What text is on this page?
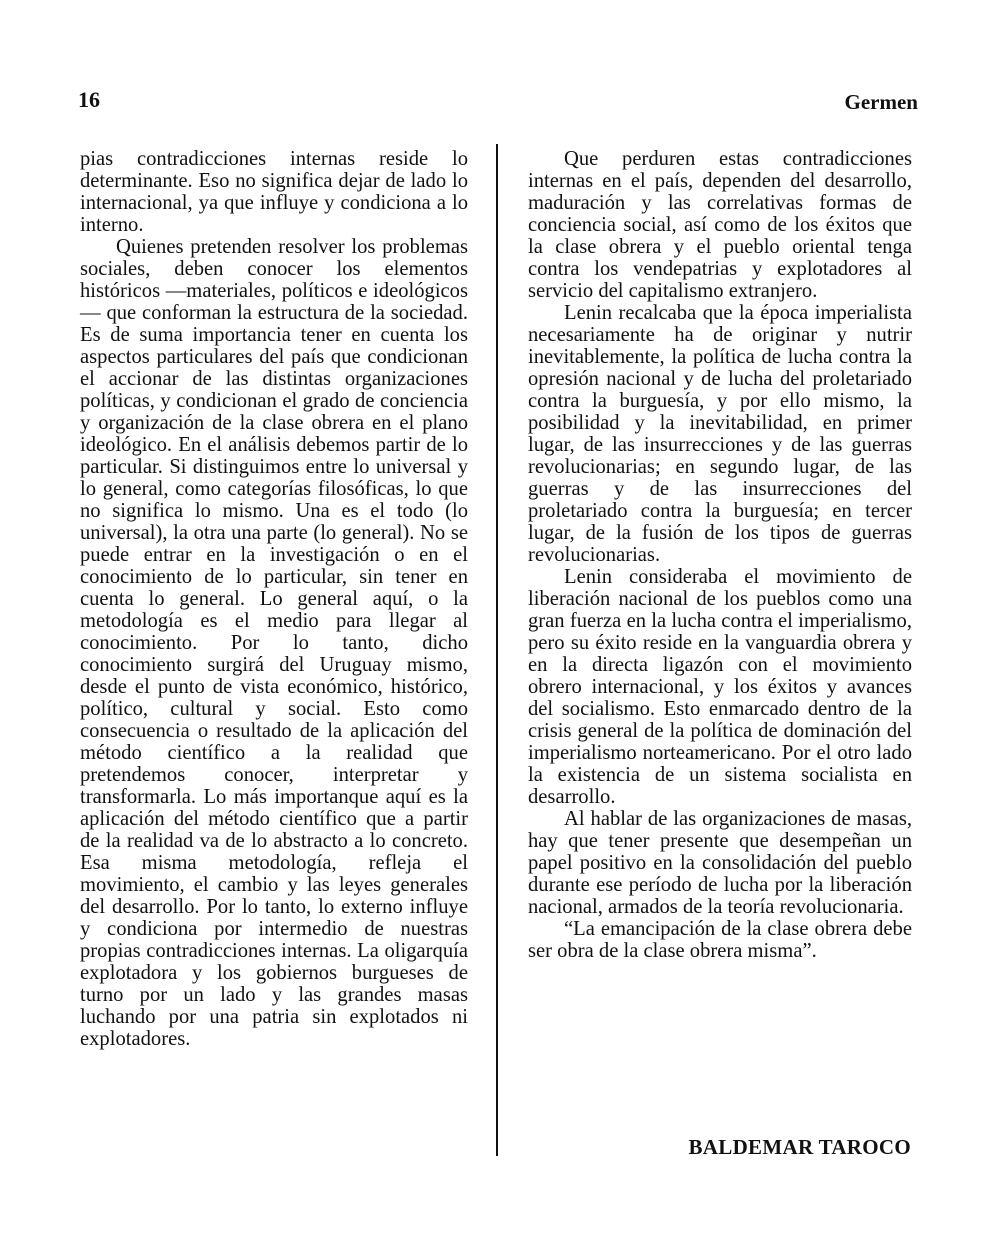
16	Germen

pias contradicciones internas reside lo determinante. Eso no significa dejar de lado lo internacional, ya que influye y condiciona a lo interno.

Quienes pretenden resolver los problemas sociales, deben conocer los elementos históricos —materiales, políticos e ideológicos— que conforman la estructura de la sociedad. Es de suma importancia tener en cuenta los aspectos particulares del país que condicionan el accionar de las distintas organizaciones políticas, y condicionan el grado de conciencia y organización de la clase obrera en el plano ideológico. En el análisis debemos partir de lo particular. Si distinguimos entre lo universal y lo general, como categorías filosóficas, lo que no significa lo mismo. Una es el todo (lo universal), la otra una parte (lo general). No se puede entrar en la investigación o en el conocimiento de lo particular, sin tener en cuenta lo general. Lo general aquí, o la metodología es el medio para llegar al conocimiento. Por lo tanto, dicho conocimiento surgirá del Uruguay mismo, desde el punto de vista económico, histórico, político, cultural y social. Esto como consecuencia o resultado de la aplicación del método científico a la realidad que pretendemos conocer, interpretar y transformarla. Lo más importanque aquí es la aplicación del método científico que a partir de la realidad va de lo abstracto a lo concreto. Esa misma metodología, refleja el movimiento, el cambio y las leyes generales del desarrollo. Por lo tanto, lo externo influye y condiciona por intermedio de nuestras propias contradicciones internas. La oligarquía explotadora y los gobiernos burgueses de turno por un lado y las grandes masas luchando por una patria sin explotados ni explotadores.

Que perduren estas contradicciones internas en el país, dependen del desarrollo, maduración y las correlativas formas de conciencia social, así como de los éxitos que la clase obrera y el pueblo oriental tenga contra los vendepatrias y explotadores al servicio del capitalismo extranjero.

Lenin recalcaba que la época imperialista necesariamente ha de originar y nutrir inevitablemente, la política de lucha contra la opresión nacional y de lucha del proletariado contra la burguesía, y por ello mismo, la posibilidad y la inevitabilidad, en primer lugar, de las insurrecciones y de las guerras revolucionarias; en segundo lugar, de las guerras y de las insurrecciones del proletariado contra la burguesía; en tercer lugar, de la fusión de los tipos de guerras revolucionarias.

Lenin consideraba el movimiento de liberación nacional de los pueblos como una gran fuerza en la lucha contra el imperialismo, pero su éxito reside en la vanguardia obrera y en la directa ligazón con el movimiento obrero internacional, y los éxitos y avances del socialismo. Esto enmarcado dentro de la crisis general de la política de dominación del imperialismo norteamericano. Por el otro lado la existencia de un sistema socialista en desarrollo.

Al hablar de las organizaciones de masas, hay que tener presente que desempeñan un papel positivo en la consolidación del pueblo durante ese período de lucha por la liberación nacional, armados de la teoría revolucionaria.

“La emancipación de la clase obrera debe ser obra de la clase obrera misma”.

BALDEMAR TAROCO
